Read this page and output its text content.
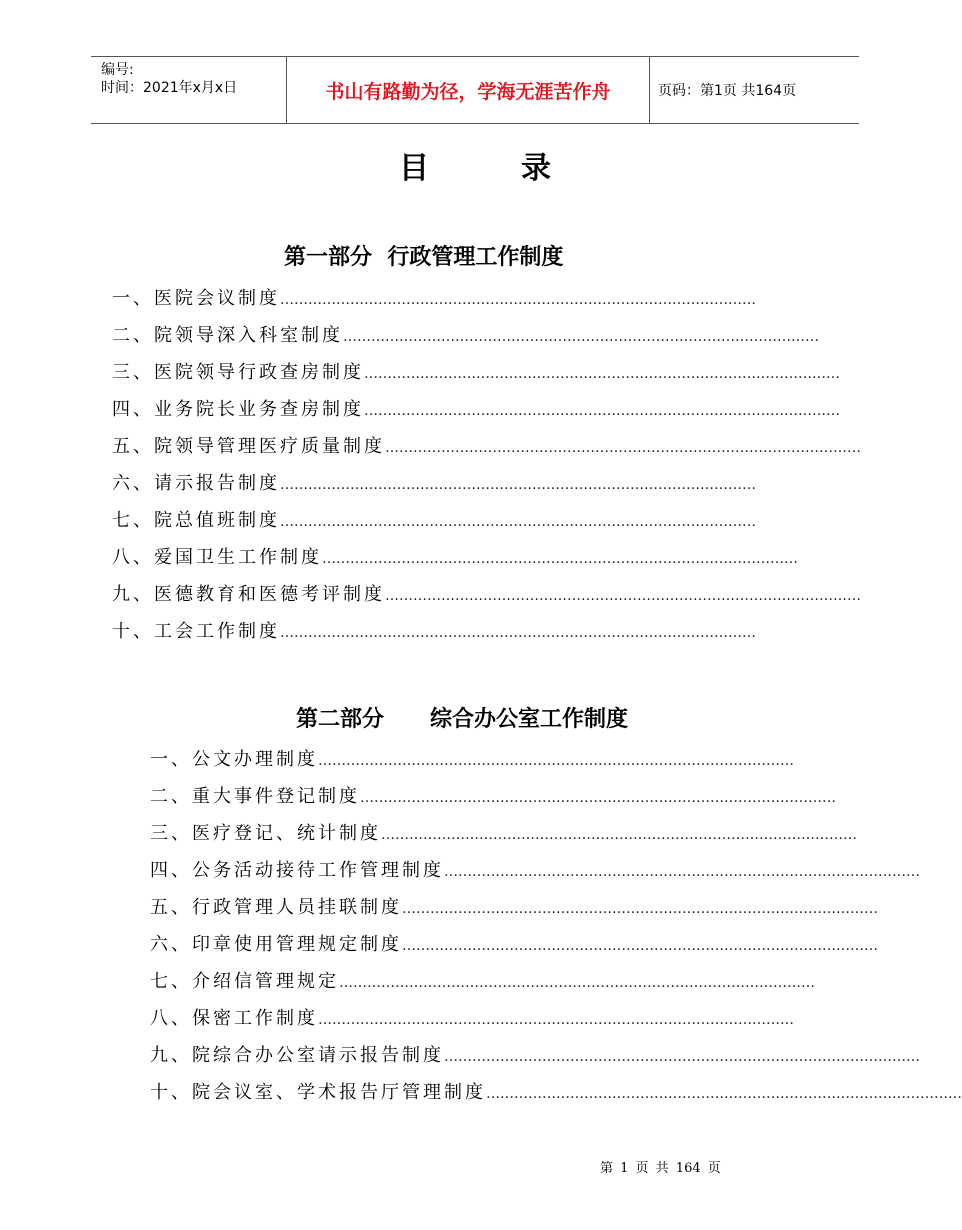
编号:
时间：2021年x月x日	书山有路勤为径，学海无涯苦作舟	页码：第1页 共164页
目录
第一部分  行政管理工作制度
一、医院会议制度 …………………………………………………………………………………………
二、院领导深入科室制度 …………………………………………………………………………………………
三、医院领导行政查房制度 …………………………………………………………………………………………
四、业务院长业务查房制度 …………………………………………………………………………………………
五、院领导管理医疗质量制度 …………………………………………………………………………………………
六、请示报告制度 …………………………………………………………………………………………
七、院总值班制度 …………………………………………………………………………………………
八、爱国卫生工作制度 …………………………………………………………………………………………
九、医德教育和医德考评制度 …………………………………………………………………………………………
十、工会工作制度 …………………………………………………………………………………………
第二部分      综合办公室工作制度
一、公文办理制度 …………………………………………………………………………………………
二、重大事件登记制度 …………………………………………………………………………………………
三、医疗登记、统计制度 …………………………………………………………………………………………
四、公务活动接待工作管理制度 …………………………………………………………………………………………
五、行政管理人员挂联制度 …………………………………………………………………………………………
六、印章使用管理规定制度 …………………………………………………………………………………………
七、介绍信管理规定 …………………………………………………………………………………………
八、保密工作制度 …………………………………………………………………………………………
九、院综合办公室请示报告制度 …………………………………………………………………………………………
十、院会议室、学术报告厅管理制度 …………………………………………………………………………………………
第 1 页 共 164 页
